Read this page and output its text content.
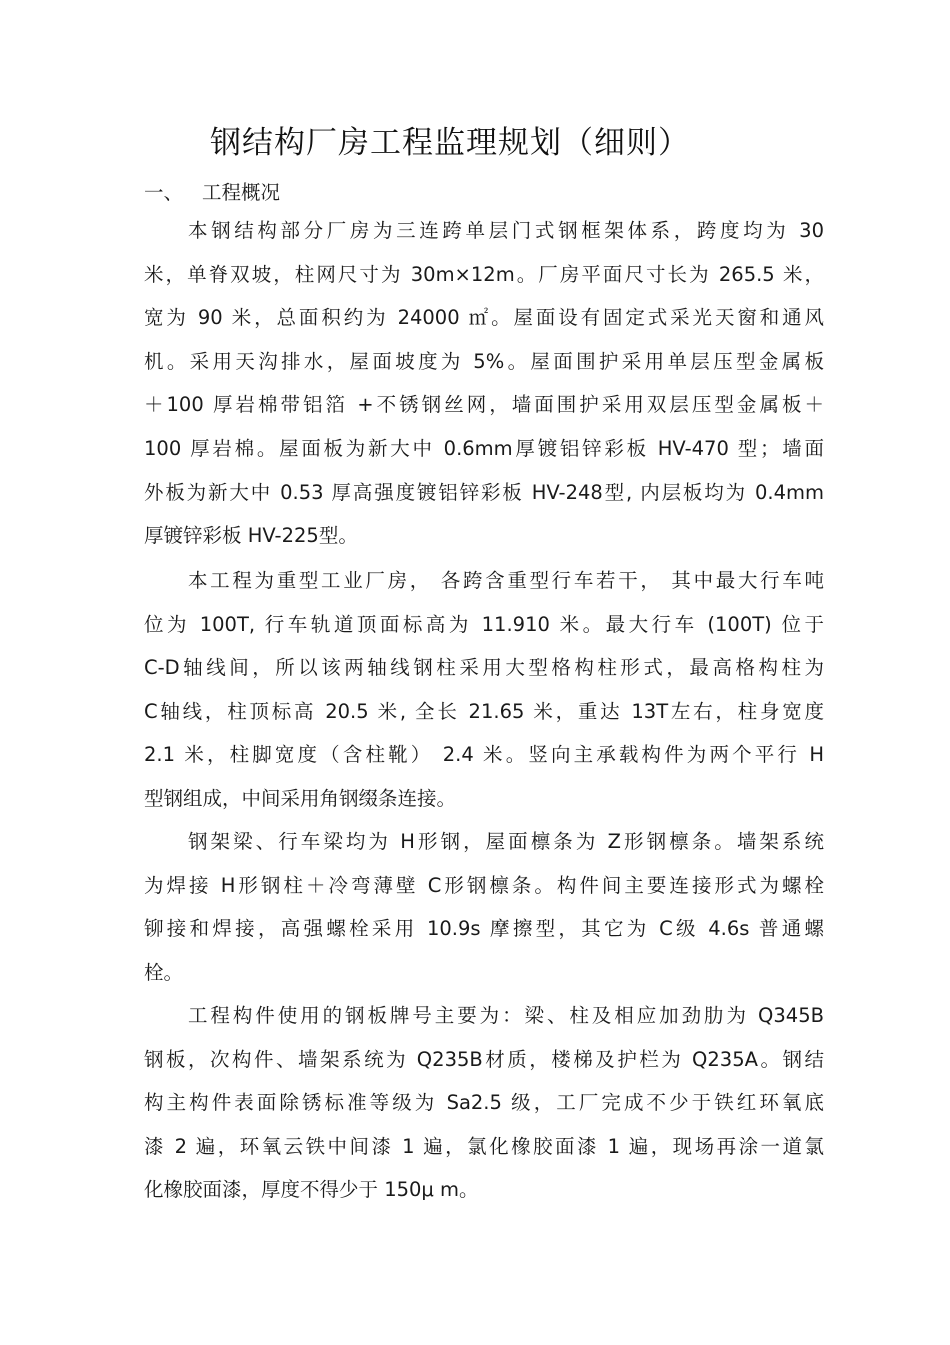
钢结构厂房工程监理规划（细则）
一、 工程概况
本钢结构部分厂房为三连跨单层门式钢框架体系，跨度均为 30
米，单脊双坡，柱网尺寸为 30m×12m。厂房平面尺寸长为 265.5 米，
宽为 90 米，总面积约为 24000 ㎡。屋面设有固定式采光天窗和通风
机。采用天沟排水，屋面坡度为 5%。屋面围护采用单层压型金属板
＋100 厚岩棉带铝箔 +不锈钢丝网，墙面围护采用双层压型金属板＋
100 厚岩棉。屋面板为新大中 0.6mm厚镀铝锌彩板 HV-470 型；墙面
外板为新大中 0.53 厚高强度镀铝锌彩板 HV-248型, 内层板均为 0.4mm
厚镀锌彩板 HV-225型。
本工程为重型工业厂房， 各跨含重型行车若干， 其中最大行车吨
位为 100T, 行车轨道顶面标高为 11.910 米。最大行车 (100T) 位于
C-D轴线间，所以该两轴线钢柱采用大型格构柱形式，最高格构柱为
C轴线，柱顶标高 20.5 米, 全长 21.65 米，重达 13T左右，柱身宽度
2.1 米，柱脚宽度（含柱靴） 2.4 米。竖向主承载构件为两个平行 H
型钢组成，中间采用角钢缀条连接。
钢架梁、行车梁均为 H形钢，屋面檩条为 Z形钢檩条。墙架系统
为焊接 H形钢柱＋冷弯薄壁 C形钢檩条。构件间主要连接形式为螺栓
铆接和焊接，高强螺栓采用 10.9s 摩擦型，其它为 C级 4.6s 普通螺
栓。
工程构件使用的钢板牌号主要为：梁、柱及相应加劲肋为 Q345B
钢板，次构件、墙架系统为 Q235B材质，楼梯及护栏为 Q235A。钢结
构主构件表面除锈标准等级为 Sa2.5 级，工厂完成不少于铁红环氧底
漆 2 遍，环氧云铁中间漆 1 遍，氯化橡胶面漆 1 遍，现场再涂一道氯
化橡胶面漆，厚度不得少于 150μ m。
